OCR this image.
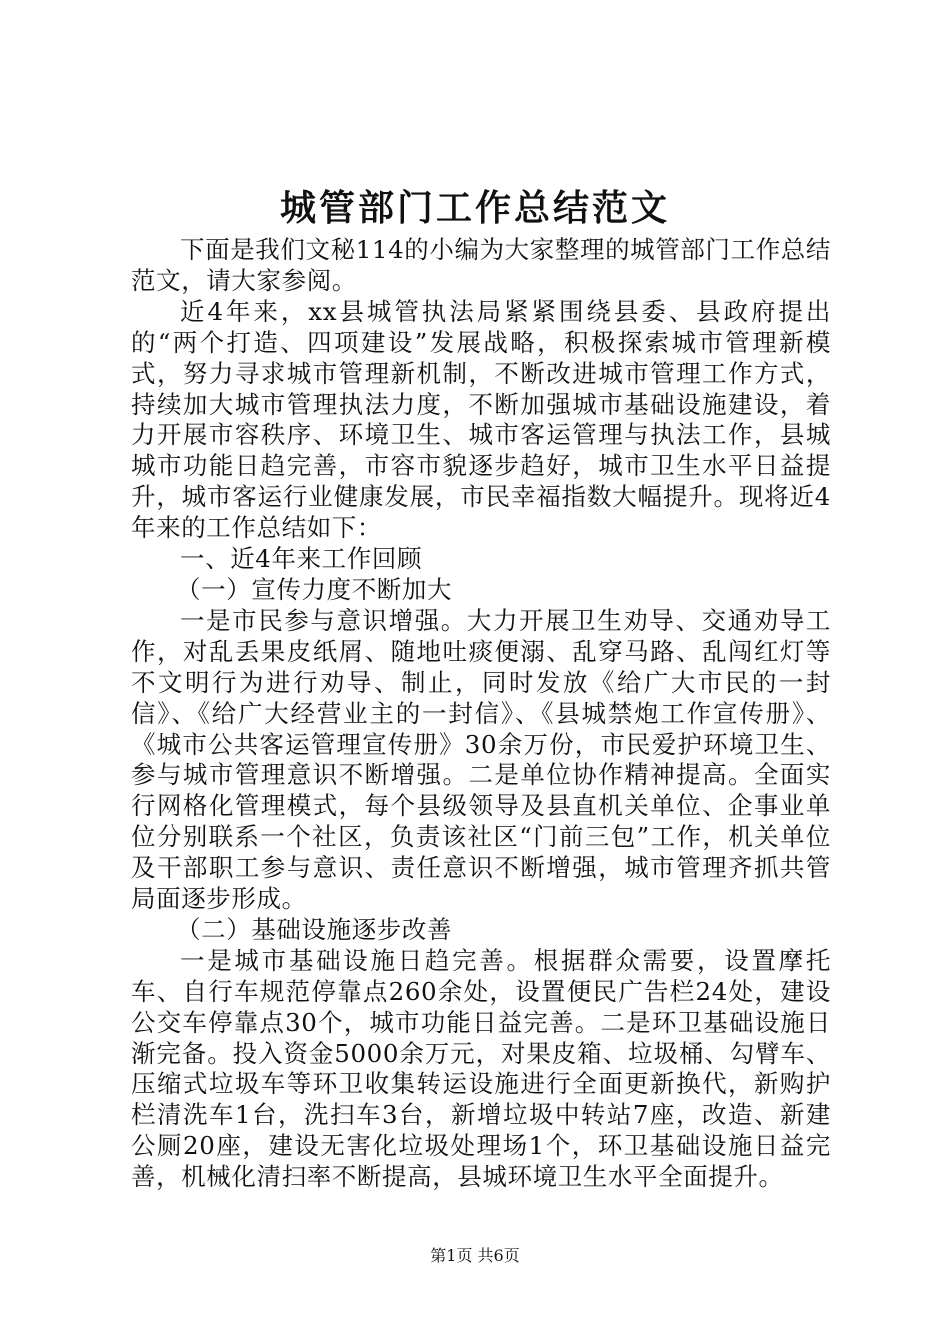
城管部门工作总结范文

下面是我们文秘114的小编为大家整理的城管部门工作总结范文，请大家参阅。

近4年来，xx县城管执法局紧紧围绕县委、县政府提出的“两个打造、四项建设”发展战略，积极探索城市管理新模式，努力寻求城市管理新机制，不断改进城市管理工作方式，持续加大城市管理执法力度，不断加强城市基础设施建设，着力开展市容秩序、环境卫生、城市客运管理与执法工作，县城城市功能日趋完善，市容市貌逐步趋好，城市卫生水平日益提升，城市客运行业健康发展，市民幸福指数大幅提升。现将近4年来的工作总结如下：

一、近4年来工作回顾

（一）宣传力度不断加大

一是市民参与意识增强。大力开展卫生劝导、交通劝导工作，对乱丢果皮纸屑、随地吐痰便溺、乱穿马路、乱闯红灯等不文明行为进行劝导、制止，同时发放《给广大市民的一封信》、《给广大经营业主的一封信》、《县城禁炮工作宣传册》、《城市公共客运管理宣传册》30余万份，市民爱护环境卫生、参与城市管理意识不断增强。二是单位协作精神提高。全面实行网格化管理模式，每个县级领导及县直机关单位、企事业单位分别联系一个社区，负责该社区“门前三包”工作，机关单位及干部职工参与意识、责任意识不断增强，城市管理齐抓共管局面逐步形成。

（二）基础设施逐步改善

一是城市基础设施日趋完善。根据群众需要，设置摩托车、自行车规范停靠点260余处，设置便民广告栏24处，建设公交车停靠点30个，城市功能日益完善。二是环卫基础设施日渐完备。投入资金5000余万元，对果皮箱、垃圾桶、勾臂车、压缩式垃圾车等环卫收集转运设施进行全面更新换代，新购护栏清洗车1台，洗扫车3台，新增垃圾中转站7座，改造、新建公厕20座，建设无害化垃圾处理场1个，环卫基础设施日益完善，机械化清扫率不断提高，县城环境卫生水平全面提升。

第1页 共6页
